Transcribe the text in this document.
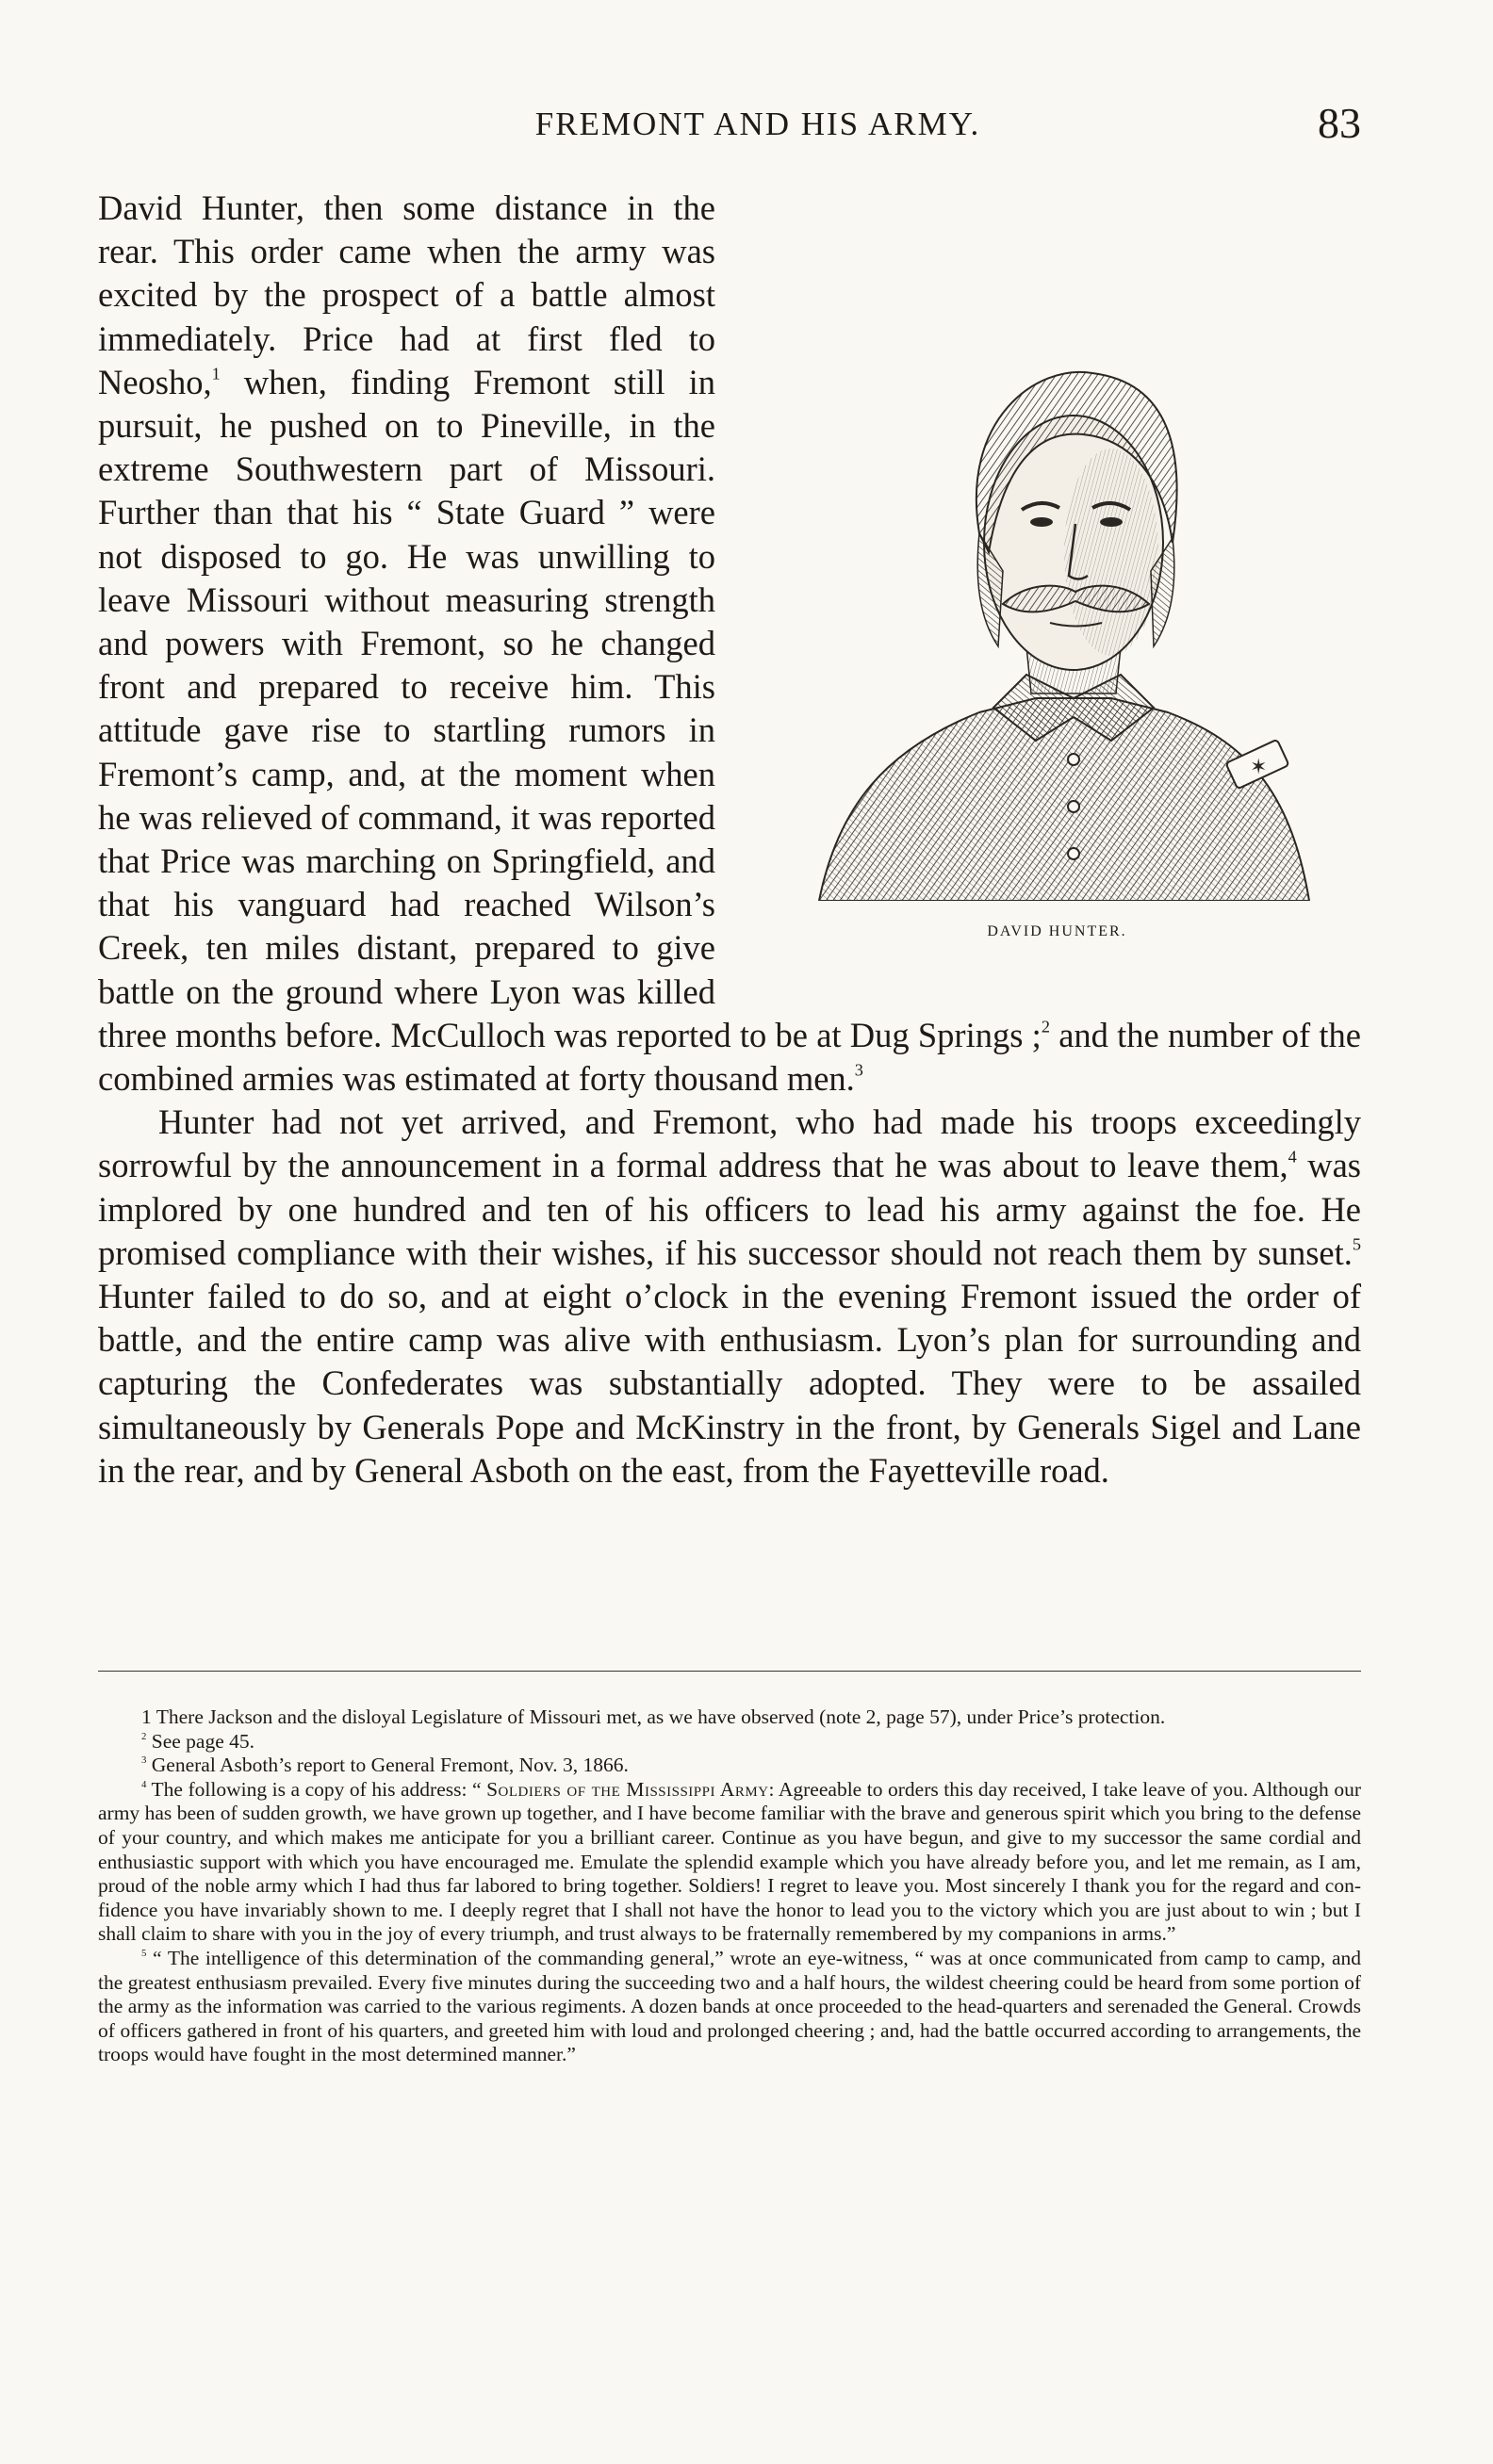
FREMONT AND HIS ARMY.	83
✶
DAVID HUNTER.

David Hunter, then some distance in the rear. This order came when the army was excited by the prospect of a battle almost immediately. Price had at first fled to Neosho,$^1$ when, finding Fremont still in pursuit, he pushed on to Pineville, in the extreme Southwestern part of Missouri. Further than that his “ State Guard ” were not disposed to go. He was unwilling to leave Missouri without measuring strength and powers with Fremont, so he changed front and prepared to receive him. This attitude gave rise to startling rumors in Fremont’s camp, and, at the moment when he was relieved of command, it was reported that Price was marching on Springfield, and that his vanguard had reached Wilson’s Creek, ten miles distant, prepared to give battle on the ground where Lyon was killed three months before. McCulloch was reported to be at Dug Springs ;$^2$ and the number of the combined armies was estimated at forty thousand men.$^3$

Hunter had not yet arrived, and Fremont, who had made his troops exceedingly sorrowful by the announcement in a formal address that he was about to leave them,$^4$ was implored by one hundred and ten of his officers to lead his army against the foe. He promised compliance with their wishes, if his successor should not reach them by sunset.$^5$ Hunter failed to do so, and at eight o’clock in the evening Fremont issued the order of battle, and the entire camp was alive with enthusiasm. Lyon’s plan for surrounding and capturing the Confederates was substantially adopted. They were to be assailed simultaneously by Generals Pope and McKinstry in the front, by Generals Sigel and Lane in the rear, and by General Asboth on the east, from the Fayetteville road.

1 There Jackson and the disloyal Legislature of Missouri met, as we have observed (note 2, page 57), under Price’s protection.

$^2$ See page 45.

$^3$ General Asboth’s report to General Fremont, Nov. 3, 1866.

$^4$ The following is a copy of his address: “ Soldiers of the Mississippi Army: Agreeable to orders this day received, I take leave of you. Although our army has been of sudden growth, we have grown up together, and I have become familiar with the brave and generous spirit which you bring to the defense of your country, and which makes me anticipate for you a brilliant career. Continue as you have begun, and give to my successor the same cordial and enthusiastic support with which you have encouraged me. Emulate the splendid example which you have already before you, and let me remain, as I am, proud of the noble army which I had thus far labored to bring together. Soldiers! I regret to leave you. Most sincerely I thank you for the regard and confidence you have invariably shown to me. I deeply regret that I shall not have the honor to lead you to the victory which you are just about to win ; but I shall claim to share with you in the joy of every triumph, and trust always to be fraternally remembered by my companions in arms.”

$^5$ “ The intelligence of this determination of the commanding general,” wrote an eye-witness, “ was at once communicated from camp to camp, and the greatest enthusiasm prevailed. Every five minutes during the succeeding two and a half hours, the wildest cheering could be heard from some portion of the army as the information was carried to the various regiments. A dozen bands at once proceeded to the head-quarters and serenaded the General. Crowds of officers gathered in front of his quarters, and greeted him with loud and prolonged cheering ; and, had the battle occurred according to arrangements, the troops would have fought in the most determined manner.”
